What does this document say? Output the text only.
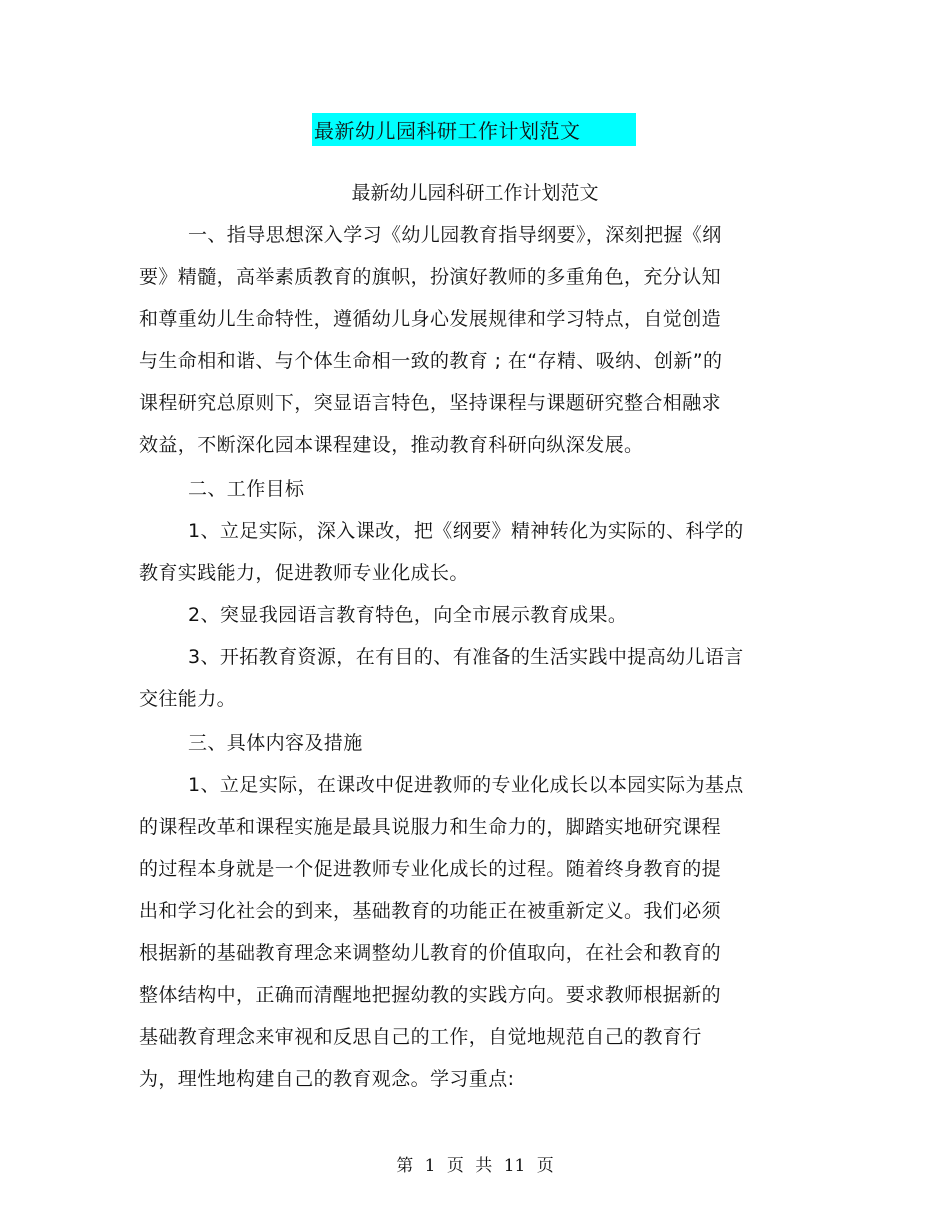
最新幼儿园科研工作计划范文
最新幼儿园科研工作计划范文
一、指导思想深入学习《幼儿园教育指导纲要》，深刻把握《纲
要》精髓，高举素质教育的旗帜，扮演好教师的多重角色，充分认知
和尊重幼儿生命特性，遵循幼儿身心发展规律和学习特点，自觉创造
与生命相和谐、与个体生命相一致的教育 ; 在“存精、吸纳、创新”的
课程研究总原则下，突显语言特色，坚持课程与课题研究整合相融求
效益，不断深化园本课程建设，推动教育科研向纵深发展。
二、工作目标
1、立足实际，深入课改，把《纲要》精神转化为实际的、科学的
教育实践能力，促进教师专业化成长。
2、突显我园语言教育特色，向全市展示教育成果。
3、开拓教育资源，在有目的、有准备的生活实践中提高幼儿语言
交往能力。
三、具体内容及措施
1、立足实际，在课改中促进教师的专业化成长以本园实际为基点
的课程改革和课程实施是最具说服力和生命力的，脚踏实地研究课程
的过程本身就是一个促进教师专业化成长的过程。随着终身教育的提
出和学习化社会的到来，基础教育的功能正在被重新定义。我们必须
根据新的基础教育理念来调整幼儿教育的价值取向，在社会和教育的
整体结构中，正确而清醒地把握幼教的实践方向。要求教师根据新的
基础教育理念来审视和反思自己的工作，自觉地规范自己的教育行
为，理性地构建自己的教育观念。学习重点:
第 1 页 共 11 页
